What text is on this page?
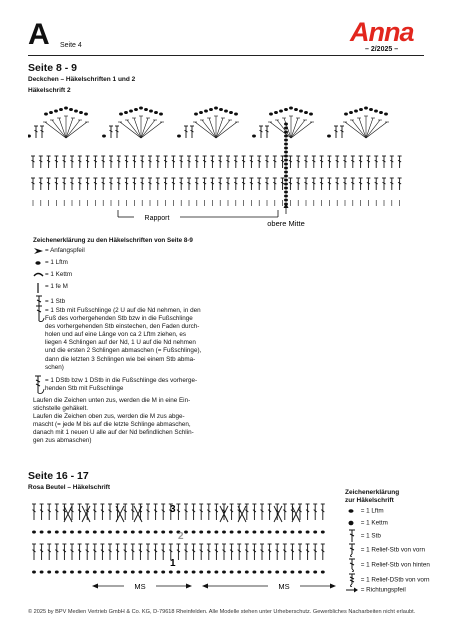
A Seite 4	Anna
– 2/2025 –
Seite 8 - 9
Deckchen – Häkelschriften 1 und 2
Häkelschrift 2
Rapport
obere Mitte
Zeichenerklärung zu den Häkelschriften von Seite 8-9
= Anfangspfeil
= 1 Lftm
= 1 Kettm
= 1 fe M
= 1 Stb
= 1 Stb mit Fußschlinge (2 U auf die Nd nehmen, in den
Fuß des vorhergehenden Stb bzw in die Fußschlinge
des vorhergehenden Stb einstechen, den Faden durch-
holen und auf eine Länge von ca 2 Lftm ziehen, es
liegen 4 Schlingen auf der Nd, 1 U auf die Nd nehmen
und die ersten 2 Schlingen abmaschen (= Fußschlinge),
dann die letzten 3 Schlingen wie bei einem Stb abma-
schen)
= 1 DStb bzw 1 DStb in die Fußschlinge des vorherge-
henden Stb mit Fußschlinge
Laufen die Zeichen unten zus, werden die M in eine Ein-
stichstelle gehäkelt.
Laufen die Zeichen oben zus, werden die M zus abge-
mascht (= jede M bis auf die letzte Schlinge abmaschen,
danach mit 1 neuen U alle auf der Nd befindlichen Schlin-
gen zus abmaschen)
Seite 16 - 17
Rosa Beutel – Häkelschrift
3
2
1
MS	MS
Zeichenerklärung
zur Häkelschrift
= 1 Lftm
= 1 Kettm
= 1 Stb
= 1 Relief-Stb von vorn
= 1 Relief-Stb von hinten
= 1 Relief-DStb von vorn
= Richtungspfeil
© 2025 by BPV Medien Vertrieb GmbH & Co. KG, D-79618 Rheinfelden. Alle Modelle stehen unter Urheberschutz. Gewerbliches Nacharbeiten nicht erlaubt.
